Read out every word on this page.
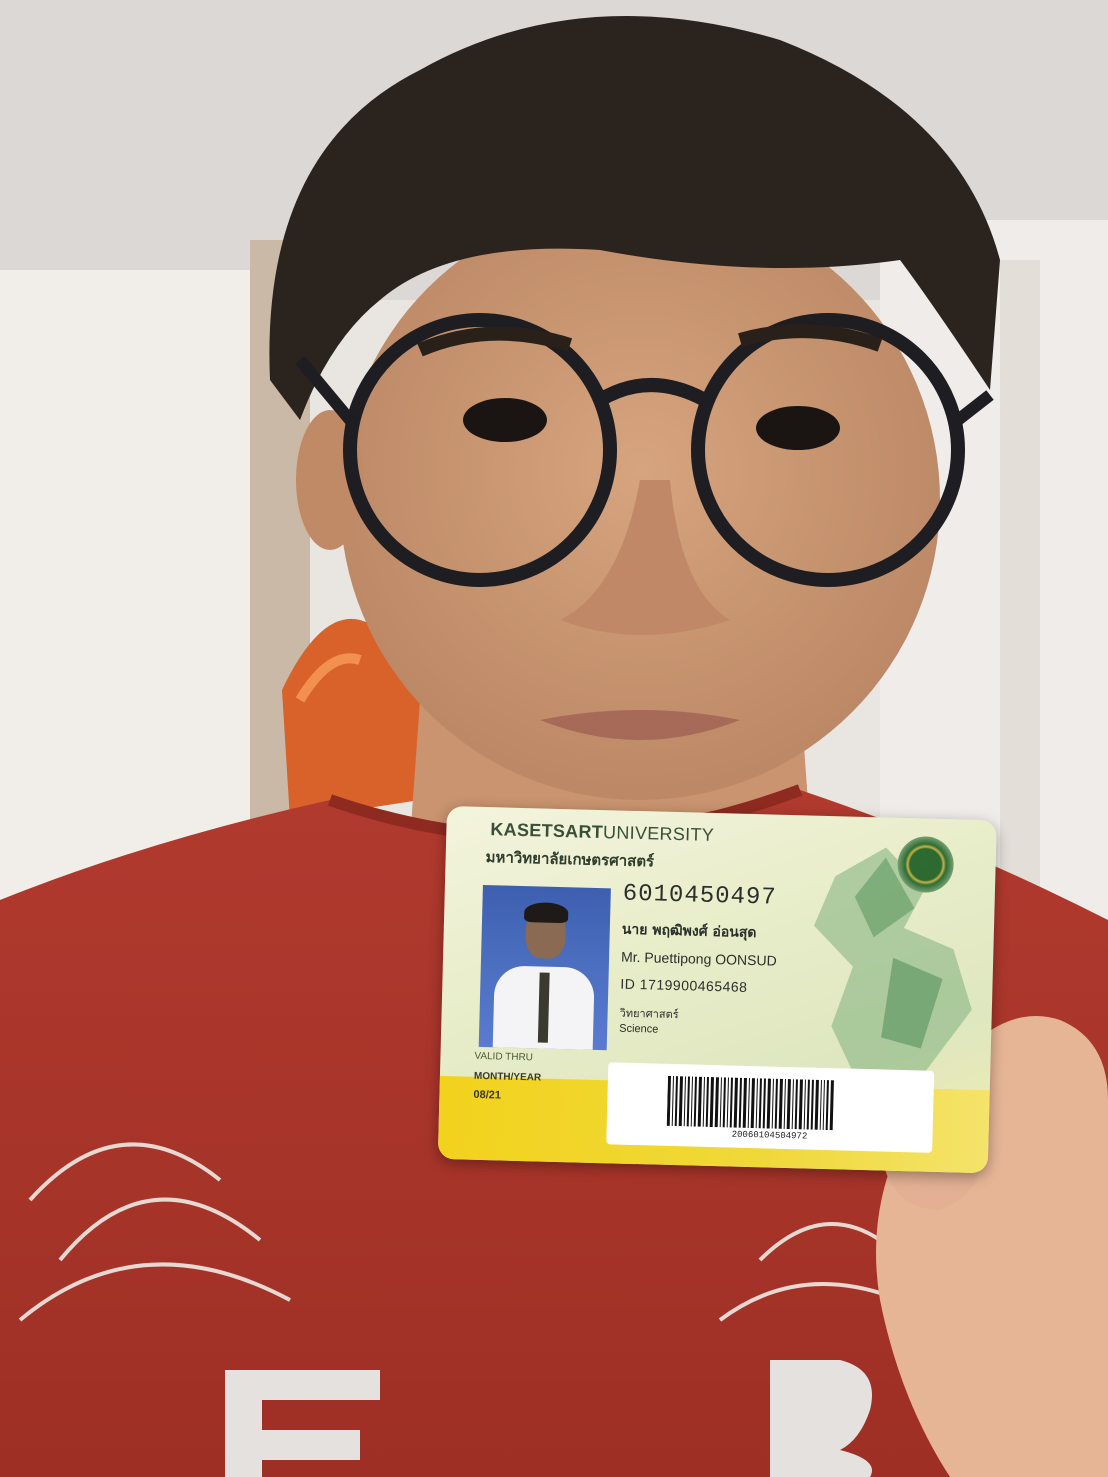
KASETSARTUNIVERSITY
มหาวิทยาลัยเกษตรศาสตร์
6010450497
นาย พฤฒิพงศ์ อ่อนสุด
Mr. Puettipong OONSUD
ID 1719900465468
วิทยาศาสตร์
Science
VALID THRU
MONTH/YEAR
08/21
20060104504972
